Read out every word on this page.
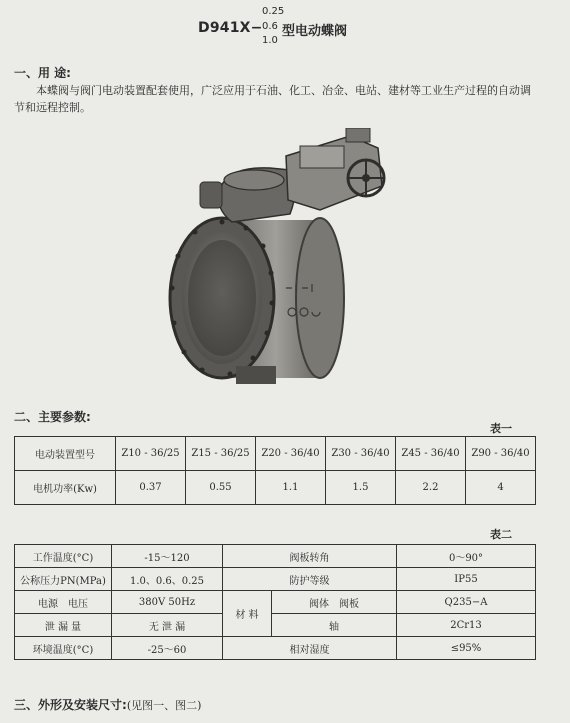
D941X−
0.25
0.6
1.0
型电动蝶阀
一、用 途:
本蝶阀与阀门电动装置配套使用，广泛应用于石油、化工、冶金、电站、建材等工业生产过程的自动调节和远程控制。
二、主要参数:
表一
电动装置型号	Z10 - 36/25	Z15 - 36/25	Z20 - 36/40	Z30 - 36/40	Z45 - 36/40	Z90 - 36/40
电机功率(Kw)	0.37	0.55	1.1	1.5	2.2	4
表二
工作温度(°C)	-15～120	阀板转角		0～90°
公称压力PN(MPa)	1.0、0.6、0.25	防护等级		IP55
电源　电压	380V 50Hz	材 料	阀体　阀板	Q235−A
泄 漏 量	无 泄 漏		轴	2Cr13
环境温度(°C)	-25～60	相对湿度		≤95%
三、外形及安装尺寸:(见图一、图二)
